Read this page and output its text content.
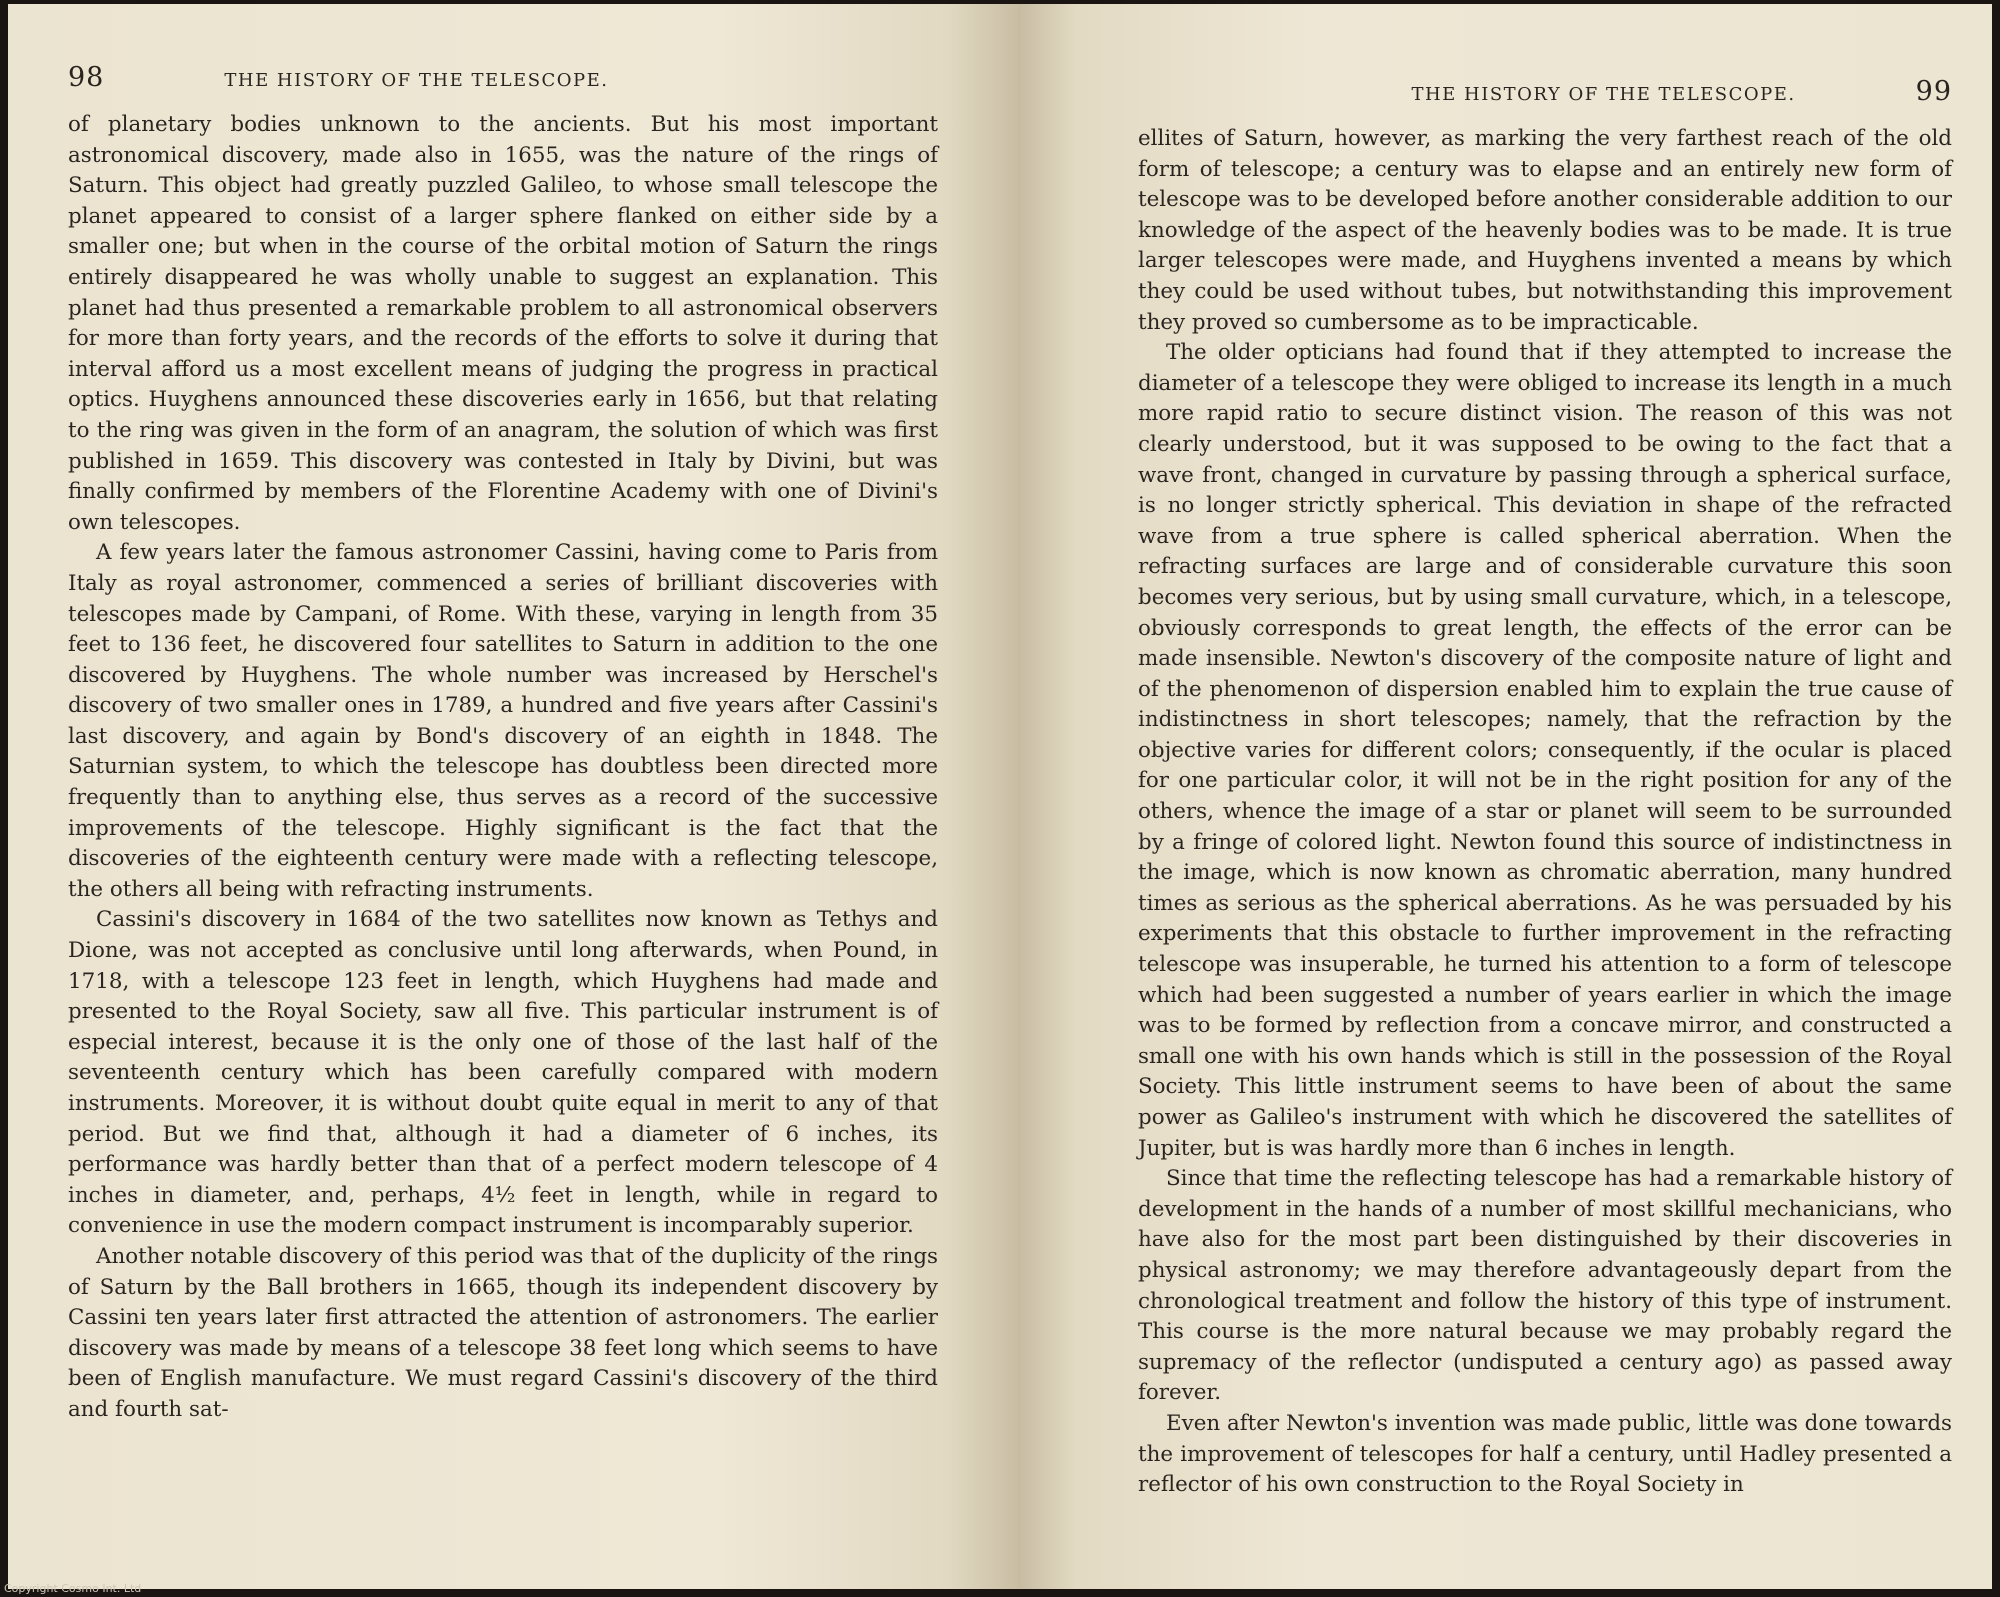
98	THE HISTORY OF THE TELESCOPE.

of planetary bodies unknown to the ancients. But his most important astronomical discovery, made also in 1655, was the nature of the rings of Saturn. This object had greatly puzzled Galileo, to whose small telescope the planet appeared to consist of a larger sphere flanked on either side by a smaller one; but when in the course of the orbital motion of Saturn the rings entirely disappeared he was wholly unable to suggest an explanation. This planet had thus presented a remarkable problem to all astronomical observers for more than forty years, and the records of the efforts to solve it during that interval afford us a most excellent means of judging the progress in practical optics. Huyghens announced these discoveries early in 1656, but that relating to the ring was given in the form of an anagram, the solution of which was first published in 1659. This discovery was contested in Italy by Divini, but was finally confirmed by members of the Florentine Academy with one of Divini's own telescopes.

A few years later the famous astronomer Cassini, having come to Paris from Italy as royal astronomer, commenced a series of brilliant discoveries with telescopes made by Campani, of Rome. With these, varying in length from 35 feet to 136 feet, he discovered four satellites to Saturn in addition to the one discovered by Huyghens. The whole number was increased by Herschel's discovery of two smaller ones in 1789, a hundred and five years after Cassini's last discovery, and again by Bond's discovery of an eighth in 1848. The Saturnian system, to which the telescope has doubtless been directed more frequently than to anything else, thus serves as a record of the successive improvements of the telescope. Highly significant is the fact that the discoveries of the eighteenth century were made with a reflecting telescope, the others all being with refracting instruments.

Cassini's discovery in 1684 of the two satellites now known as Tethys and Dione, was not accepted as conclusive until long afterwards, when Pound, in 1718, with a telescope 123 feet in length, which Huyghens had made and presented to the Royal Society, saw all five. This particular instrument is of especial interest, because it is the only one of those of the last half of the seventeenth century which has been carefully compared with modern instruments. Moreover, it is without doubt quite equal in merit to any of that period. But we find that, although it had a diameter of 6 inches, its performance was hardly better than that of a perfect modern telescope of 4 inches in diameter, and, perhaps, 4½ feet in length, while in regard to convenience in use the modern compact instrument is incomparably superior.

Another notable discovery of this period was that of the duplicity of the rings of Saturn by the Ball brothers in 1665, though its independent discovery by Cassini ten years later first attracted the attention of astronomers. The earlier discovery was made by means of a telescope 38 feet long which seems to have been of English manufacture. We must regard Cassini's discovery of the third and fourth sat-

THE HISTORY OF THE TELESCOPE.	99

ellites of Saturn, however, as marking the very farthest reach of the old form of telescope; a century was to elapse and an entirely new form of telescope was to be developed before another considerable addition to our knowledge of the aspect of the heavenly bodies was to be made. It is true larger telescopes were made, and Huyghens invented a means by which they could be used without tubes, but notwithstanding this improvement they proved so cumbersome as to be impracticable.

The older opticians had found that if they attempted to increase the diameter of a telescope they were obliged to increase its length in a much more rapid ratio to secure distinct vision. The reason of this was not clearly understood, but it was supposed to be owing to the fact that a wave front, changed in curvature by passing through a spherical surface, is no longer strictly spherical. This deviation in shape of the refracted wave from a true sphere is called spherical aberration. When the refracting surfaces are large and of considerable curvature this soon becomes very serious, but by using small curvature, which, in a telescope, obviously corresponds to great length, the effects of the error can be made insensible. Newton's discovery of the composite nature of light and of the phenomenon of dispersion enabled him to explain the true cause of indistinctness in short telescopes; namely, that the refraction by the objective varies for different colors; consequently, if the ocular is placed for one particular color, it will not be in the right position for any of the others, whence the image of a star or planet will seem to be surrounded by a fringe of colored light. Newton found this source of indistinctness in the image, which is now known as chromatic aberration, many hundred times as serious as the spherical aberrations. As he was persuaded by his experiments that this obstacle to further improvement in the refracting telescope was insuperable, he turned his attention to a form of telescope which had been suggested a number of years earlier in which the image was to be formed by reflection from a concave mirror, and constructed a small one with his own hands which is still in the possession of the Royal Society. This little instrument seems to have been of about the same power as Galileo's instrument with which he discovered the satellites of Jupiter, but is was hardly more than 6 inches in length.

Since that time the reflecting telescope has had a remarkable history of development in the hands of a number of most skillful mechanicians, who have also for the most part been distinguished by their discoveries in physical astronomy; we may therefore advantageously depart from the chronological treatment and follow the history of this type of instrument. This course is the more natural because we may probably regard the supremacy of the reflector (undisputed a century ago) as passed away forever.

Even after Newton's invention was made public, little was done towards the improvement of telescopes for half a century, until Hadley presented a reflector of his own construction to the Royal Society in

Copyright Cosmo Int. Ltd
